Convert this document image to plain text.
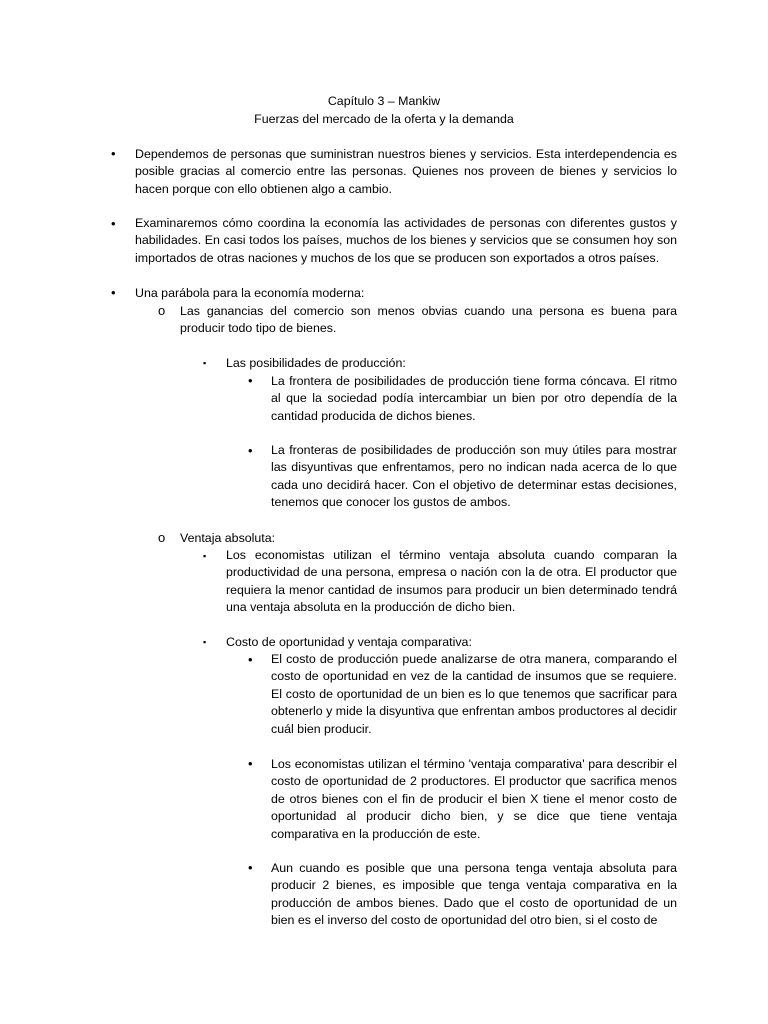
Capítulo 3 – Mankiw
Fuerzas del mercado de la oferta y la demanda
• Dependemos de personas que suministran nuestros bienes y servicios. Esta interdependencia es posible gracias al comercio entre las personas. Quienes nos proveen de bienes y servicios lo hacen porque con ello obtienen algo a cambio.

• Examinaremos cómo coordina la economía las actividades de personas con diferentes gustos y habilidades. En casi todos los países, muchos de los bienes y servicios que se consumen hoy son importados de otras naciones y muchos de los que se producen son exportados a otros países.

• Una parábola para la economía moderna:
o Las ganancias del comercio son menos obvias cuando una persona es buena para producir todo tipo de bienes.

▪ Las posibilidades de producción:
• La frontera de posibilidades de producción tiene forma cóncava. El ritmo al que la sociedad podía intercambiar un bien por otro dependía de la cantidad producida de dichos bienes.

• La fronteras de posibilidades de producción son muy útiles para mostrar las disyuntivas que enfrentamos, pero no indican nada acerca de lo que cada uno decidirá hacer. Con el objetivo de determinar estas decisiones, tenemos que conocer los gustos de ambos.

o Ventaja absoluta:
▪ Los economistas utilizan el término ventaja absoluta cuando comparan la productividad de una persona, empresa o nación con la de otra. El productor que requiera la menor cantidad de insumos para producir un bien determinado tendrá una ventaja absoluta en la producción de dicho bien.

▪ Costo de oportunidad y ventaja comparativa:
• El costo de producción puede analizarse de otra manera, comparando el costo de oportunidad en vez de la cantidad de insumos que se requiere. El costo de oportunidad de un bien es lo que tenemos que sacrificar para obtenerlo y mide la disyuntiva que enfrentan ambos productores al decidir cuál bien producir.

• Los economistas utilizan el término 'ventaja comparativa' para describir el costo de oportunidad de 2 productores. El productor que sacrifica menos de otros bienes con el fin de producir el bien X tiene el menor costo de oportunidad al producir dicho bien, y se dice que tiene ventaja comparativa en la producción de este.

• Aun cuando es posible que una persona tenga ventaja absoluta para producir 2 bienes, es imposible que tenga ventaja comparativa en la producción de ambos bienes. Dado que el costo de oportunidad de un bien es el inverso del costo de oportunidad del otro bien, si el costo de
